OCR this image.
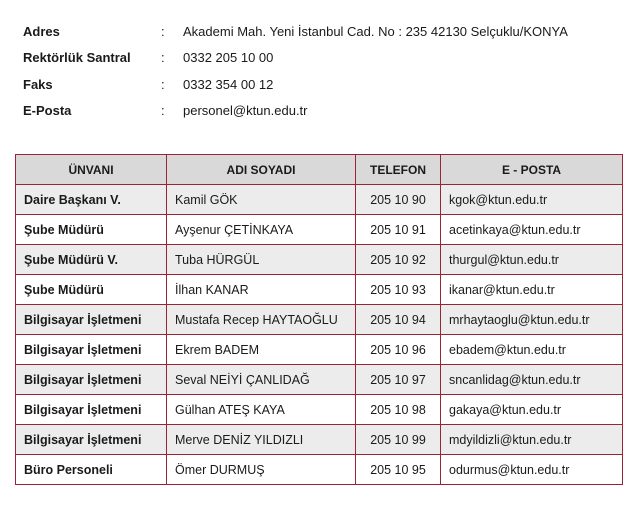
Adres	:	Akademi Mah. Yeni İstanbul Cad. No : 235 42130 Selçuklu/KONYA
Rektörlük Santral	:	0332 205 10 00
Faks	:	0332 354 00 12
E-Posta	:	personel@ktun.edu.tr
ÜNVANI	ADI SOYADI	TELEFON	E - POSTA
Daire Başkanı V.	Kamil GÖK	205 10 90	kgok@ktun.edu.tr
Şube Müdürü	Ayşenur ÇETİNKAYA	205 10 91	acetinkaya@ktun.edu.tr
Şube Müdürü V.	Tuba HÜRGÜL	205 10 92	thurgul@ktun.edu.tr
Şube Müdürü	İlhan KANAR	205 10 93	ikanar@ktun.edu.tr
Bilgisayar İşletmeni	Mustafa Recep HAYTAOĞLU	205 10 94	mrhaytaoglu@ktun.edu.tr
Bilgisayar İşletmeni	Ekrem BADEM	205 10 96	ebadem@ktun.edu.tr
Bilgisayar İşletmeni	Seval NEİYİ ÇANLIDAĞ	205 10 97	sncanlidag@ktun.edu.tr
Bilgisayar İşletmeni	Gülhan ATEŞ KAYA	205 10 98	gakaya@ktun.edu.tr
Bilgisayar İşletmeni	Merve DENİZ YILDIZLI	205 10 99	mdyildizli@ktun.edu.tr
Büro Personeli	Ömer DURMUŞ	205 10 95	odurmus@ktun.edu.tr
